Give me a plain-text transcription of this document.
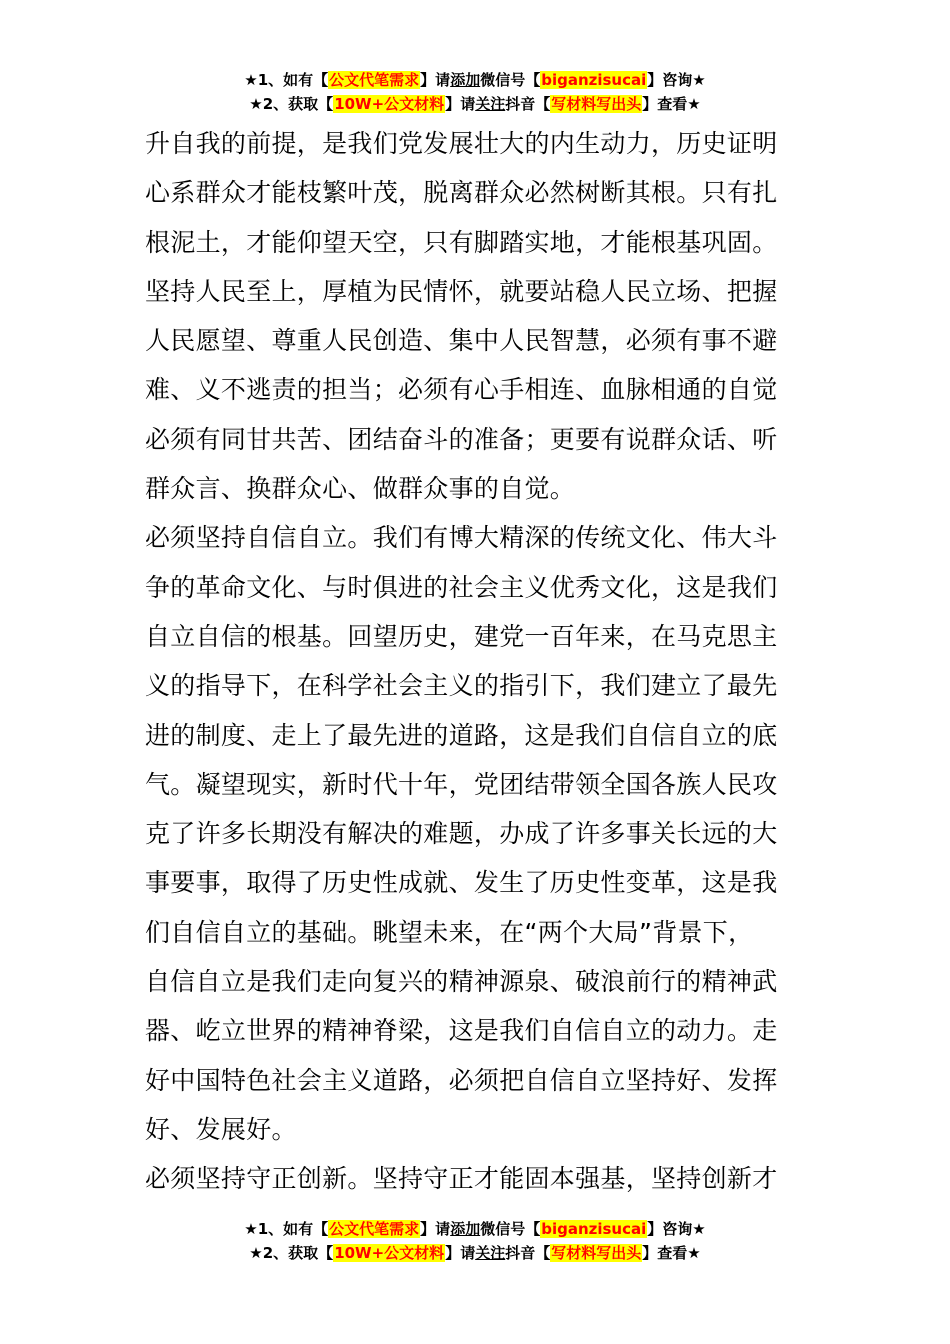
★1、如有【公文代笔需求】请添加微信号【biganzisucai】咨询★
★2、获取【10W+公文材料】请关注抖音【写材料写出头】查看★
升自我的前提，是我们党发展壮大的内生动力，历史证明
心系群众才能枝繁叶茂，脱离群众必然树断其根。只有扎
根泥土，才能仰望天空，只有脚踏实地，才能根基巩固。
坚持人民至上，厚植为民情怀，就要站稳人民立场、把握
人民愿望、尊重人民创造、集中人民智慧，必须有事不避
难、义不逃责的担当；必须有心手相连、血脉相通的自觉
必须有同甘共苦、团结奋斗的准备；更要有说群众话、听
群众言、换群众心、做群众事的自觉。
必须坚持自信自立。我们有博大精深的传统文化、伟大斗
争的革命文化、与时俱进的社会主义优秀文化，这是我们
自立自信的根基。回望历史，建党一百年来，在马克思主
义的指导下，在科学社会主义的指引下，我们建立了最先
进的制度、走上了最先进的道路，这是我们自信自立的底
气。凝望现实，新时代十年，党团结带领全国各族人民攻
克了许多长期没有解决的难题，办成了许多事关长远的大
事要事，取得了历史性成就、发生了历史性变革，这是我
们自信自立的基础。眺望未来，在“两个大局”背景下，
自信自立是我们走向复兴的精神源泉、破浪前行的精神武
器、屹立世界的精神脊梁，这是我们自信自立的动力。走
好中国特色社会主义道路，必须把自信自立坚持好、发挥
好、发展好。
必须坚持守正创新。坚持守正才能固本强基，坚持创新才
★1、如有【公文代笔需求】请添加微信号【biganzisucai】咨询★
★2、获取【10W+公文材料】请关注抖音【写材料写出头】查看★
